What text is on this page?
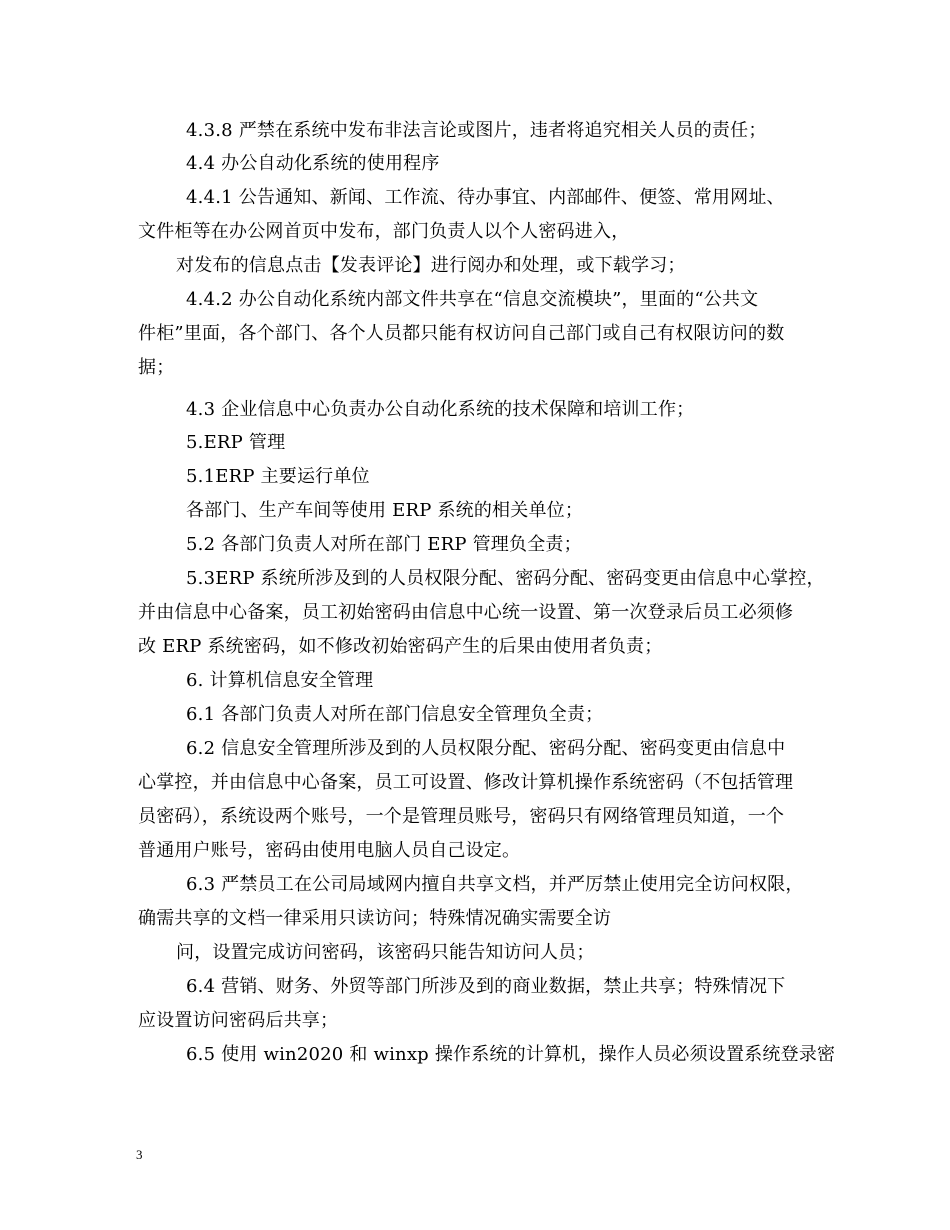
4.3.8 严禁在系统中发布非法言论或图片，违者将追究相关人员的责任；
4.4 办公自动化系统的使用程序
4.4.1 公告通知、新闻、工作流、待办事宜、内部邮件、便签、常用网址、
文件柜等在办公网首页中发布，部门负责人以个人密码进入，
对发布的信息点击【发表评论】进行阅办和处理，或下载学习；
4.4.2 办公自动化系统内部文件共享在“信息交流模块”，里面的“公共文
件柜”里面，各个部门、各个人员都只能有权访问自己部门或自己有权限访问的数
据；
4.3 企业信息中心负责办公自动化系统的技术保障和培训工作；
5.ERP 管理
5.1ERP 主要运行单位
各部门、生产车间等使用 ERP 系统的相关单位；
5.2 各部门负责人对所在部门 ERP 管理负全责；
5.3ERP 系统所涉及到的人员权限分配、密码分配、密码变更由信息中心掌控，
并由信息中心备案，员工初始密码由信息中心统一设置、第一次登录后员工必须修
改 ERP 系统密码，如不修改初始密码产生的后果由使用者负责；
6. 计算机信息安全管理
6.1 各部门负责人对所在部门信息安全管理负全责；
6.2 信息安全管理所涉及到的人员权限分配、密码分配、密码变更由信息中
心掌控，并由信息中心备案，员工可设置、修改计算机操作系统密码（不包括管理
员密码），系统设两个账号，一个是管理员账号，密码只有网络管理员知道，一个
普通用户账号，密码由使用电脑人员自己设定。
6.3 严禁员工在公司局域网内擅自共享文档，并严厉禁止使用完全访问权限，
确需共享的文档一律采用只读访问；特殊情况确实需要全访
问，设置完成访问密码，该密码只能告知访问人员；
6.4 营销、财务、外贸等部门所涉及到的商业数据，禁止共享；特殊情况下
应设置访问密码后共享；
6.5 使用 win2020 和 winxp 操作系统的计算机，操作人员必须设置系统登录密
3
